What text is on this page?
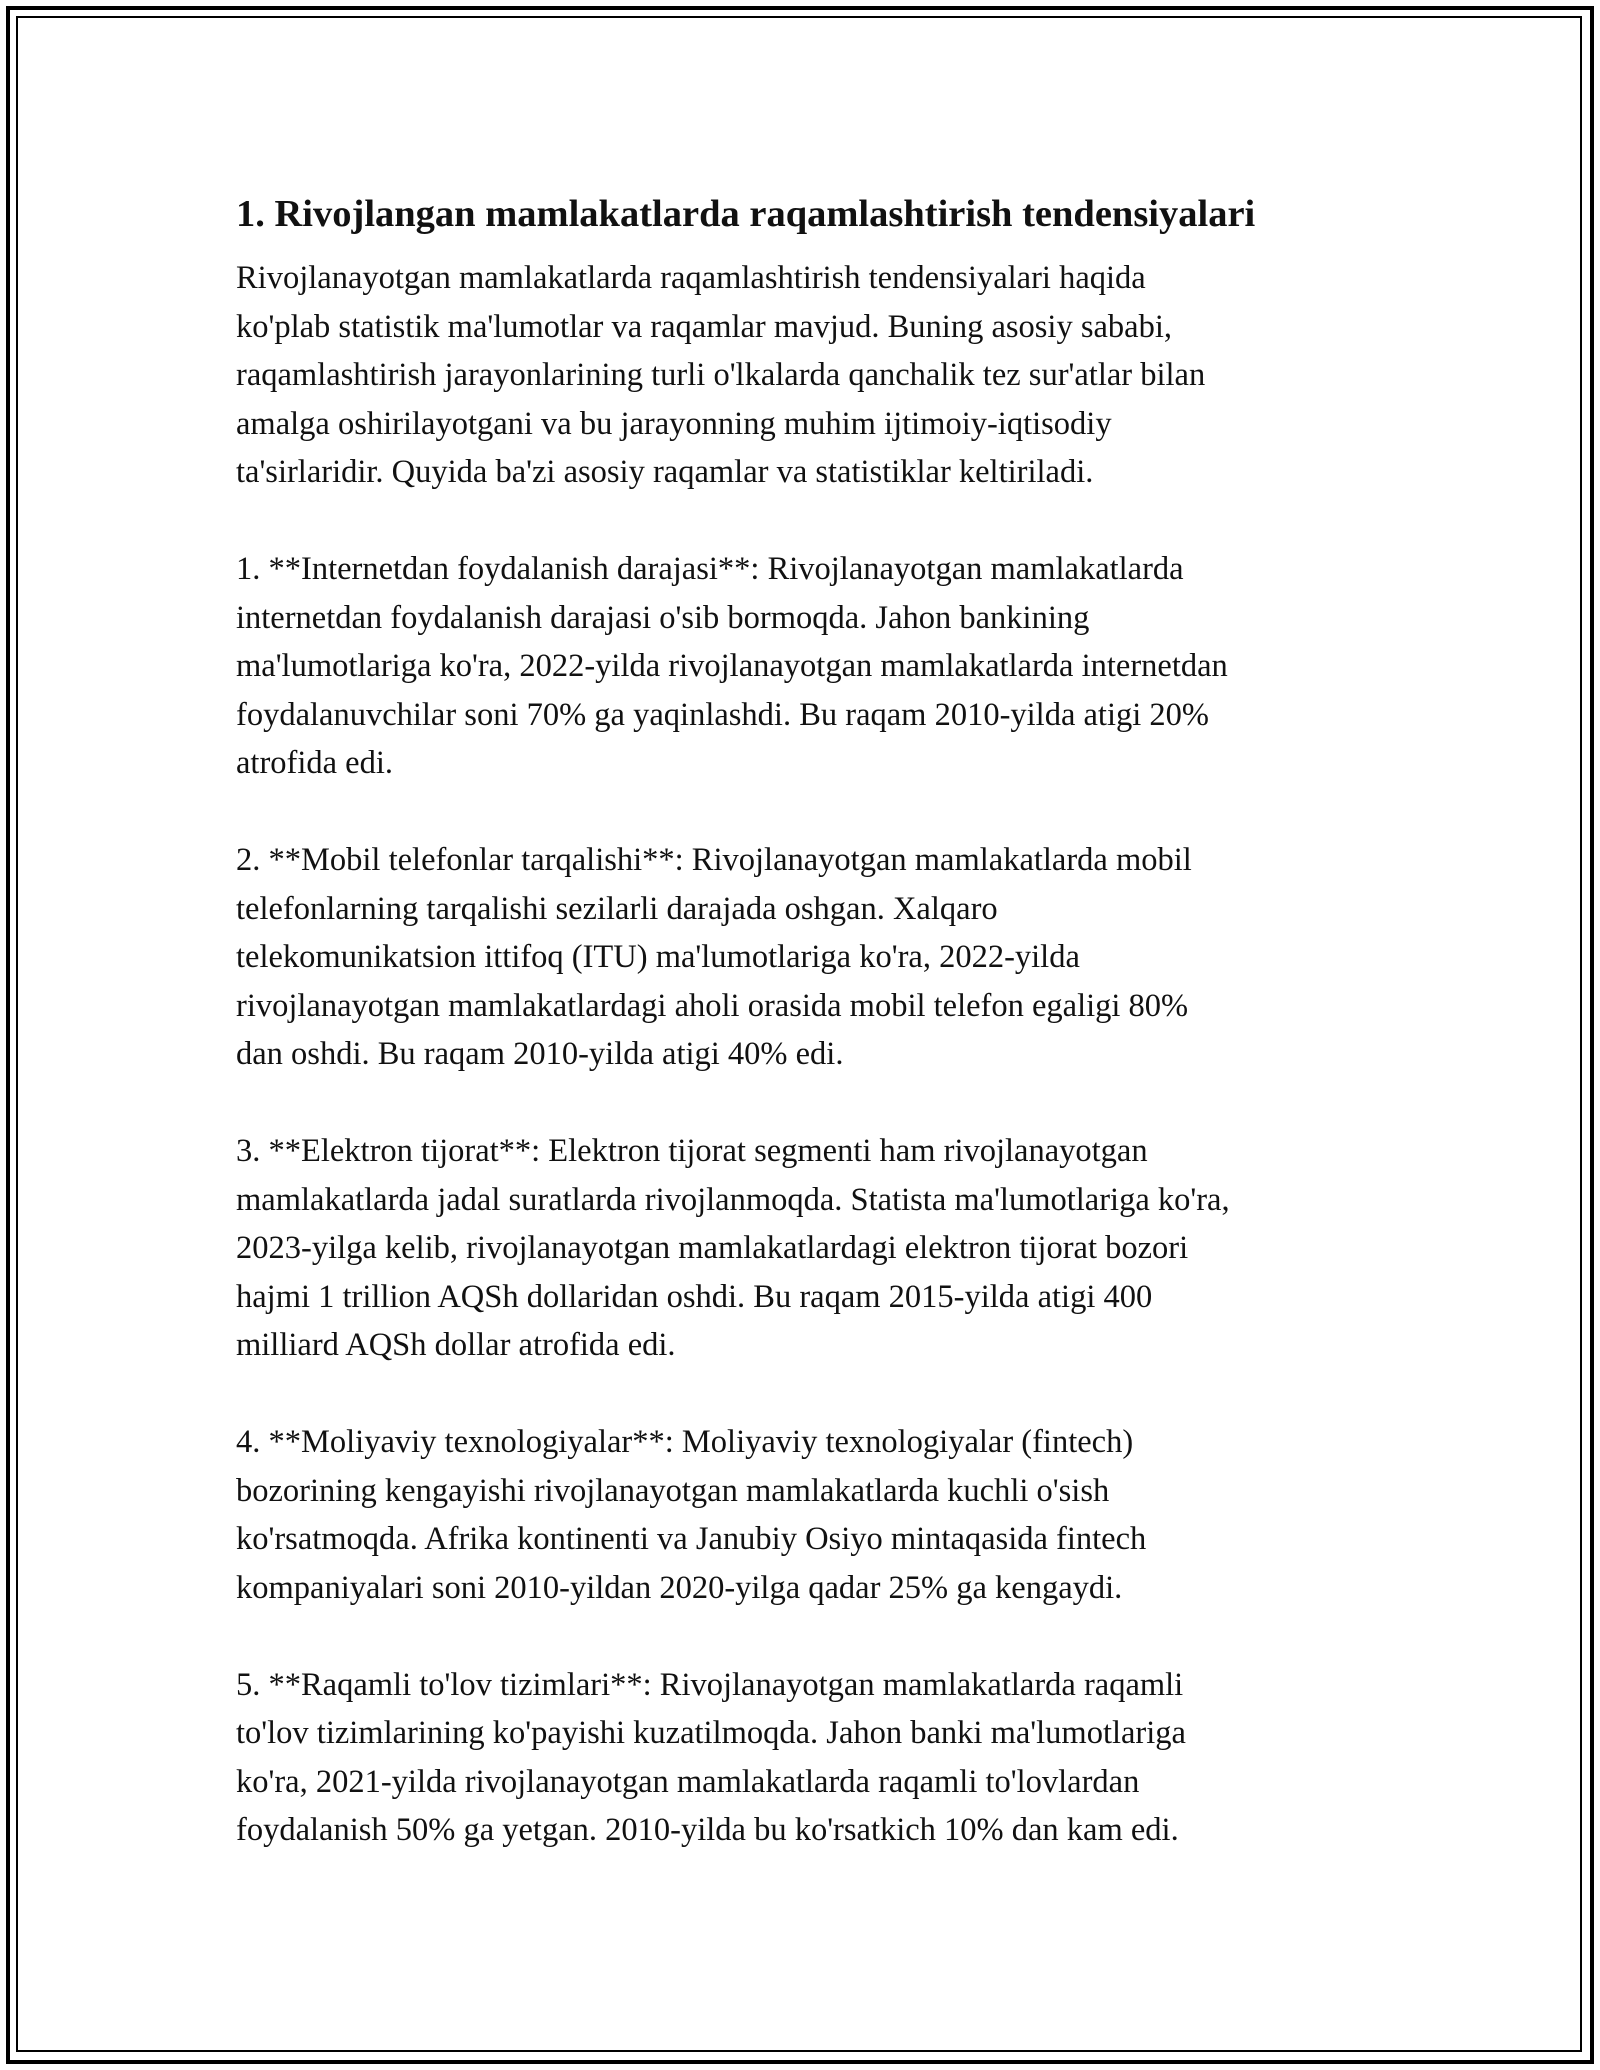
1. Rivojlangan mamlakatlarda raqamlashtirish tendensiyalari

Rivojlanayotgan mamlakatlarda raqamlashtirish tendensiyalari haqida
ko'plab statistik ma'lumotlar va raqamlar mavjud. Buning asosiy sababi,
raqamlashtirish jarayonlarining turli o'lkalarda qanchalik tez sur'atlar bilan
amalga oshirilayotgani va bu jarayonning muhim ijtimoiy-iqtisodiy
ta'sirlaridir. Quyida ba'zi asosiy raqamlar va statistiklar keltiriladi.

1. **Internetdan foydalanish darajasi**: Rivojlanayotgan mamlakatlarda
internetdan foydalanish darajasi o'sib bormoqda. Jahon bankining
ma'lumotlariga ko'ra, 2022-yilda rivojlanayotgan mamlakatlarda internetdan
foydalanuvchilar soni 70% ga yaqinlashdi. Bu raqam 2010-yilda atigi 20%
atrofida edi.

2. **Mobil telefonlar tarqalishi**: Rivojlanayotgan mamlakatlarda mobil
telefonlarning tarqalishi sezilarli darajada oshgan. Xalqaro
telekomunikatsion ittifoq (ITU) ma'lumotlariga ko'ra, 2022-yilda
rivojlanayotgan mamlakatlardagi aholi orasida mobil telefon egaligi 80%
dan oshdi. Bu raqam 2010-yilda atigi 40% edi.

3. **Elektron tijorat**: Elektron tijorat segmenti ham rivojlanayotgan
mamlakatlarda jadal suratlarda rivojlanmoqda. Statista ma'lumotlariga ko'ra,
2023-yilga kelib, rivojlanayotgan mamlakatlardagi elektron tijorat bozori
hajmi 1 trillion AQSh dollaridan oshdi. Bu raqam 2015-yilda atigi 400
milliard AQSh dollar atrofida edi.

4. **Moliyaviy texnologiyalar**: Moliyaviy texnologiyalar (fintech)
bozorining kengayishi rivojlanayotgan mamlakatlarda kuchli o'sish
ko'rsatmoqda. Afrika kontinenti va Janubiy Osiyo mintaqasida fintech
kompaniyalari soni 2010-yildan 2020-yilga qadar 25% ga kengaydi.

5. **Raqamli to'lov tizimlari**: Rivojlanayotgan mamlakatlarda raqamli
to'lov tizimlarining ko'payishi kuzatilmoqda. Jahon banki ma'lumotlariga
ko'ra, 2021-yilda rivojlanayotgan mamlakatlarda raqamli to'lovlardan
foydalanish 50% ga yetgan. 2010-yilda bu ko'rsatkich 10% dan kam edi.
